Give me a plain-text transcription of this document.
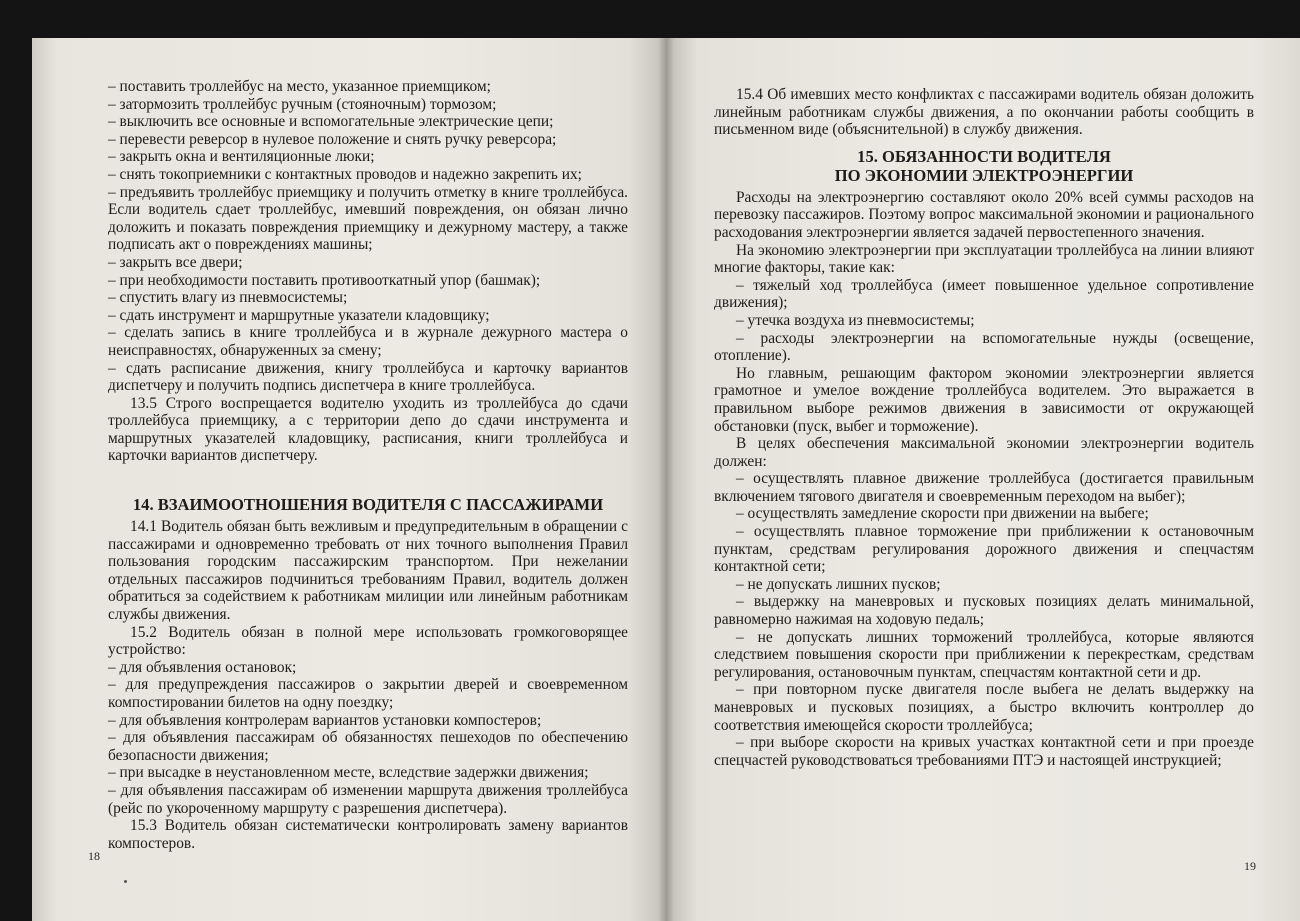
– поставить троллейбус на место, указанное приемщиком;

– затормозить троллейбус ручным (стояночным) тормозом;

– выключить все основные и вспомогательные электрические цепи;

– перевести реверсор в нулевое положение и снять ручку реверсора;

– закрыть окна и вентиляционные люки;

– снять токоприемники с контактных проводов и надежно закрепить их;

– предъявить троллейбус приемщику и получить отметку в книге троллейбуса. Если водитель сдает троллейбус, имевший повреждения, он обязан лично доложить и показать повреждения приемщику и дежурному мастеру, а также подписать акт о повреждениях машины;

– закрыть все двери;

– при необходимости поставить противооткатный упор (башмак);

– спустить влагу из пневмосистемы;

– сдать инструмент и маршрутные указатели кладовщику;

– сделать запись в книге троллейбуса и в журнале дежурного мастера о неисправностях, обнаруженных за смену;

– сдать расписание движения, книгу троллейбуса и карточку вариантов диспетчеру и получить подпись диспетчера в книге троллейбуса.

13.5 Строго воспрещается водителю уходить из троллейбуса до сдачи троллейбуса приемщику, а с территории депо до сдачи инструмента и маршрутных указателей кладовщику, расписания, книги троллейбуса и карточки вариантов диспетчеру.

14. ВЗАИМООТНОШЕНИЯ ВОДИТЕЛЯ С ПАССАЖИРАМИ

14.1 Водитель обязан быть вежливым и предупредительным в обращении с пассажирами и одновременно требовать от них точного выполнения Правил пользования городским пассажирским транспортом. При нежелании отдельных пассажиров подчиниться требованиям Правил, водитель должен обратиться за содействием к работникам милиции или линейным работникам службы движения.

15.2 Водитель обязан в полной мере использовать громкоговорящее устройство:

– для объявления остановок;

– для предупреждения пассажиров о закрытии дверей и своевременном компостировании билетов на одну поездку;

– для объявления контролерам вариантов установки компостеров;

– для объявления пассажирам об обязанностях пешеходов по обеспечению безопасности движения;

– при высадке в неустановленном месте, вследствие задержки движения;

– для объявления пассажирам об изменении маршрута движения троллейбуса (рейс по укороченному маршруту с разрешения диспетчера).

15.3 Водитель обязан систематически контролировать замену вариантов компостеров.

18

15.4 Об имевших место конфликтах с пассажирами водитель обязан доложить линейным работникам службы движения, а по окончании работы сообщить в письменном виде (объяснительной) в службу движения.

15. ОБЯЗАННОСТИ ВОДИТЕЛЯ
ПО ЭКОНОМИИ ЭЛЕКТРОЭНЕРГИИ

Расходы на электроэнергию составляют около 20% всей суммы расходов на перевозку пассажиров. Поэтому вопрос максимальной экономии и рационального расходования электроэнергии является задачей первостепенного значения.

На экономию электроэнергии при эксплуатации троллейбуса на линии влияют многие факторы, такие как:

– тяжелый ход троллейбуса (имеет повышенное удельное сопротивление движения);

– утечка воздуха из пневмосистемы;

– расходы электроэнергии на вспомогательные нужды (освещение, отопление).

Но главным, решающим фактором экономии электроэнергии является грамотное и умелое вождение троллейбуса водителем. Это выражается в правильном выборе режимов движения в зависимости от окружающей обстановки (пуск, выбег и торможение).

В целях обеспечения максимальной экономии электроэнергии водитель должен:

– осуществлять плавное движение троллейбуса (достигается правильным включением тягового двигателя и своевременным переходом на выбег);

– осуществлять замедление скорости при движении на выбеге;

– осуществлять плавное торможение при приближении к остановочным пунктам, средствам регулирования дорожного движения и спецчастям контактной сети;

– не допускать лишних пусков;

– выдержку на маневровых и пусковых позициях делать минимальной, равномерно нажимая на ходовую педаль;

– не допускать лишних торможений троллейбуса, которые являются следствием повышения скорости при приближении к перекресткам, средствам регулирования, остановочным пунктам, спецчастям контактной сети и др.

– при повторном пуске двигателя после выбега не делать выдержку на маневровых и пусковых позициях, а быстро включить контроллер до соответствия имеющейся скорости троллейбуса;

– при выборе скорости на кривых участках контактной сети и при проезде спецчастей руководствоваться требованиями ПТЭ и настоящей инструкцией;

19
